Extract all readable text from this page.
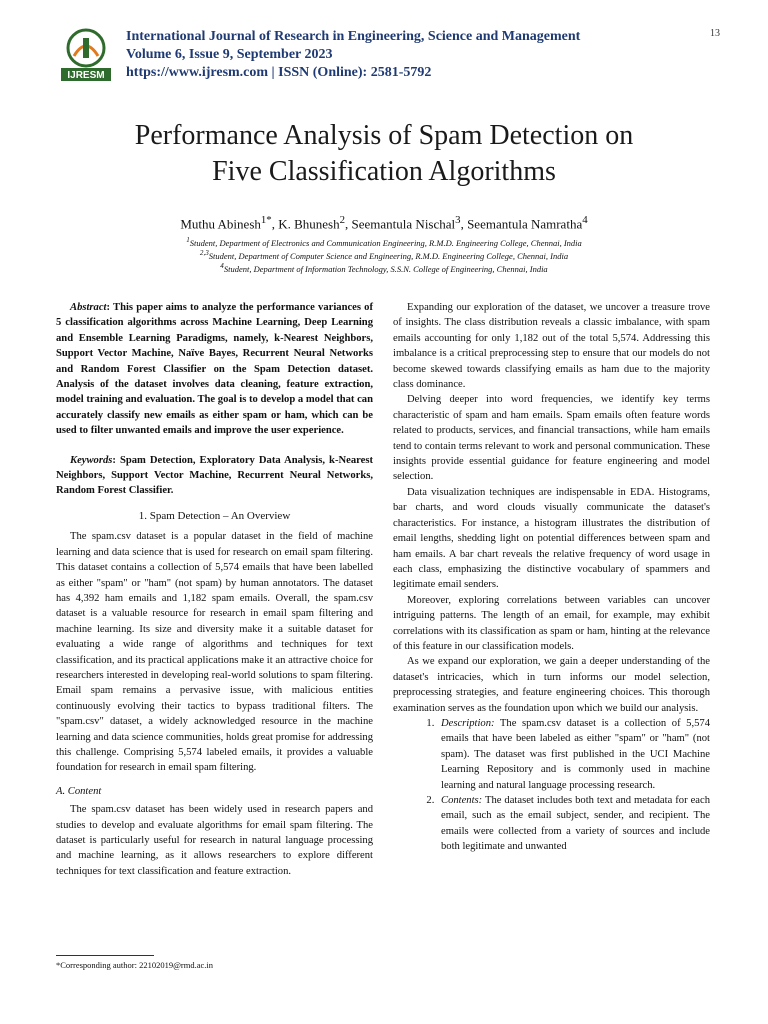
IJRESM
International Journal of Research in Engineering, Science and Management
Volume 6, Issue 9, September 2023
https://www.ijresm.com | ISSN (Online): 2581-5792
13
Performance Analysis of Spam Detection on
Five Classification Algorithms
Muthu Abinesh$^{1*}$, K. Bhunesh$^2$, Seemantula Nischal$^3$, Seemantula Namratha$^4$
$^1$Student, Department of Electronics and Communication Engineering, R.M.D. Engineering College, Chennai, India
$^{2,3}$Student, Department of Computer Science and Engineering, R.M.D. Engineering College, Chennai, India
$^4$Student, Department of Information Technology, S.S.N. College of Engineering, Chennai, India

Abstract: This paper aims to analyze the performance variances of 5 classification algorithms across Machine Learning, Deep Learning and Ensemble Learning Paradigms, namely, k-Nearest Neighbors, Support Vector Machine, Naïve Bayes, Recurrent Neural Networks and Random Forest Classifier on the Spam Detection dataset. Analysis of the dataset involves data cleaning, feature extraction, model training and evaluation. The goal is to develop a model that can accurately classify new emails as either spam or ham, which can be used to filter unwanted emails and improve the user experience.

Keywords: Spam Detection, Exploratory Data Analysis, k-Nearest Neighbors, Support Vector Machine, Recurrent Neural Networks, Random Forest Classifier.

1. Spam Detection – An Overview

The spam.csv dataset is a popular dataset in the field of machine learning and data science that is used for research on email spam filtering. This dataset contains a collection of 5,574 emails that have been labelled as either "spam" or "ham" (not spam) by human annotators. The dataset has 4,392 ham emails and 1,182 spam emails. Overall, the spam.csv dataset is a valuable resource for research in email spam filtering and machine learning. Its size and diversity make it a suitable dataset for evaluating a wide range of algorithms and techniques for text classification, and its practical applications make it an attractive choice for researchers interested in developing real-world solutions to spam filtering. Email spam remains a pervasive issue, with malicious entities continuously evolving their tactics to bypass traditional filters. The "spam.csv" dataset, a widely acknowledged resource in the machine learning and data science communities, holds great promise for addressing this challenge. Comprising 5,574 labeled emails, it provides a valuable foundation for research in email spam filtering.

A. Content

The spam.csv dataset has been widely used in research papers and studies to develop and evaluate algorithms for email spam filtering. The dataset is particularly useful for research in natural language processing and machine learning, as it allows researchers to explore different techniques for text classification and feature extraction.

Expanding our exploration of the dataset, we uncover a treasure trove of insights. The class distribution reveals a classic imbalance, with spam emails accounting for only 1,182 out of the total 5,574. Addressing this imbalance is a critical preprocessing step to ensure that our models do not become skewed towards classifying emails as ham due to the majority class dominance.

Delving deeper into word frequencies, we identify key terms characteristic of spam and ham emails. Spam emails often feature words related to products, services, and financial transactions, while ham emails tend to contain terms relevant to work and personal communication. These insights provide essential guidance for feature engineering and model selection.

Data visualization techniques are indispensable in EDA. Histograms, bar charts, and word clouds visually communicate the dataset's characteristics. For instance, a histogram illustrates the distribution of email lengths, shedding light on potential differences between spam and ham emails. A bar chart reveals the relative frequency of word usage in each class, emphasizing the distinctive vocabulary of spammers and legitimate email senders.

Moreover, exploring correlations between variables can uncover intriguing patterns. The length of an email, for example, may exhibit correlations with its classification as spam or ham, hinting at the relevance of this feature in our classification models.

As we expand our exploration, we gain a deeper understanding of the dataset's intricacies, which in turn informs our model selection, preprocessing strategies, and feature engineering choices. This thorough examination serves as the foundation upon which we build our analysis.

1. Description: The spam.csv dataset is a collection of 5,574 emails that have been labeled as either "spam" or "ham" (not spam). The dataset was first published in the UCI Machine Learning Repository and is commonly used in machine learning and natural language processing research.
2. Contents: The dataset includes both text and metadata for each email, such as the email subject, sender, and recipient. The emails were collected from a variety of sources and include both legitimate and unwanted
*Corresponding author: 22102019@rmd.ac.in
